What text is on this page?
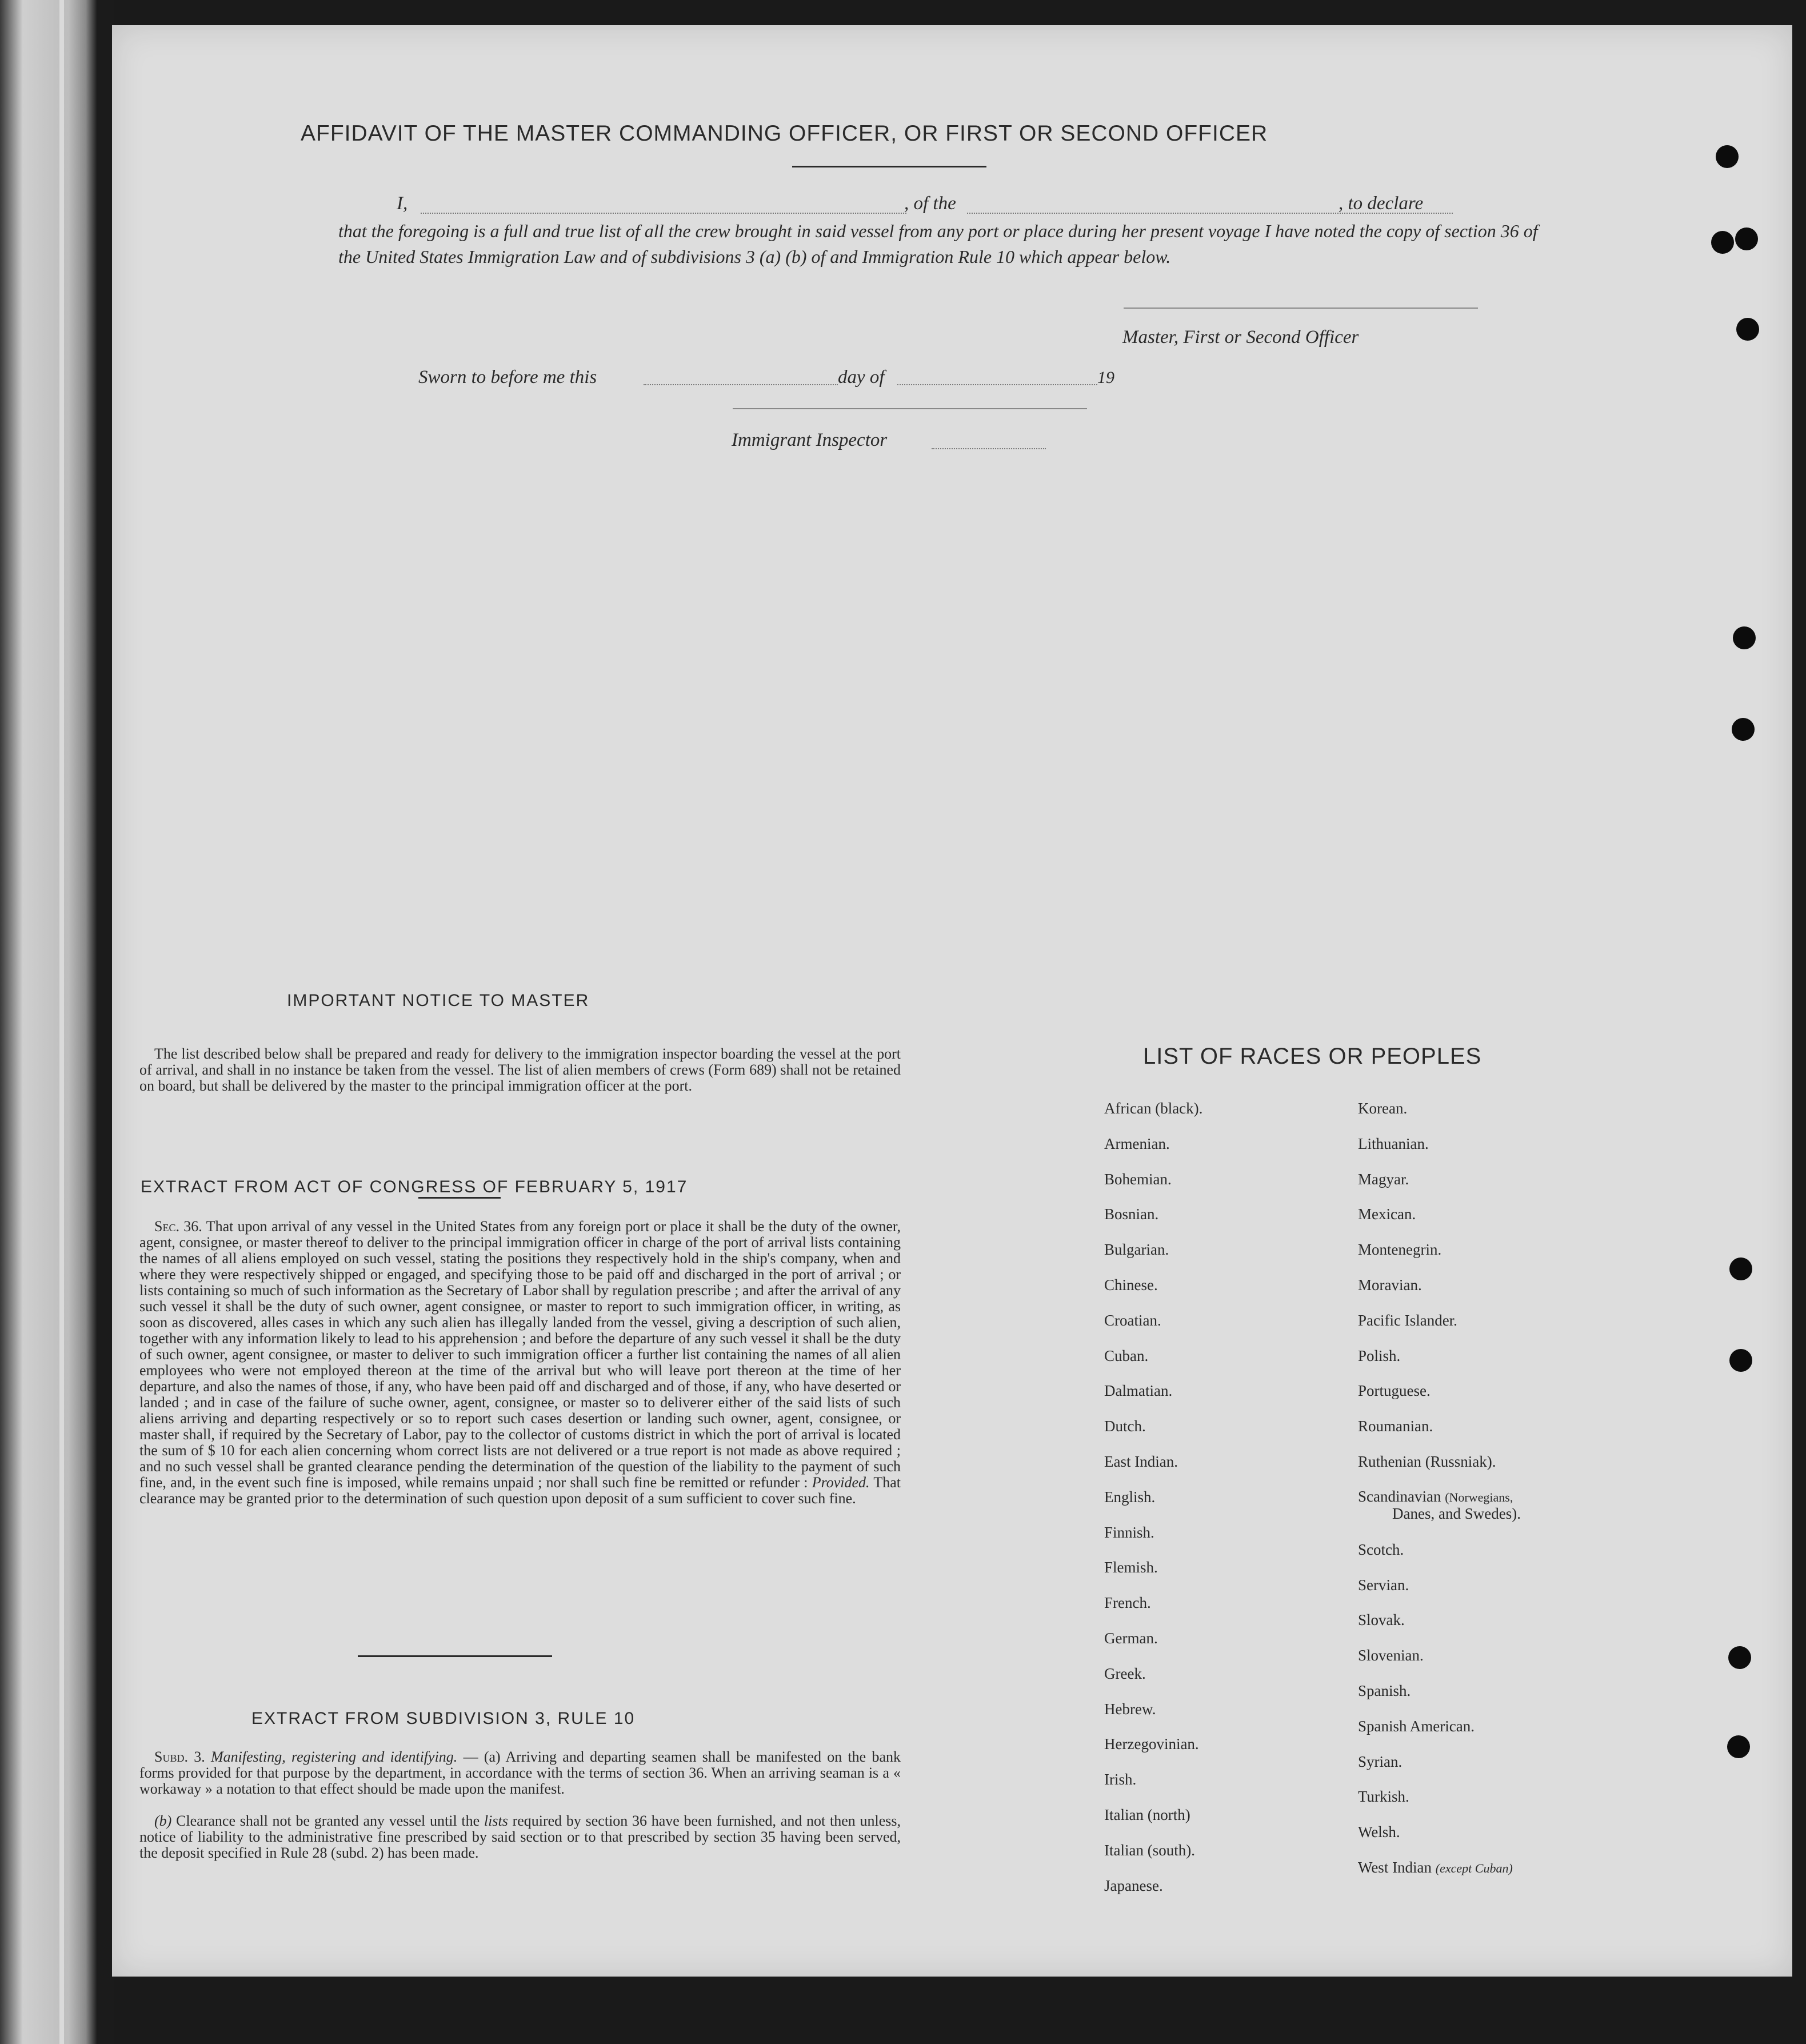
AFFIDAVIT OF THE MASTER COMMANDING OFFICER, OR FIRST OR SECOND OFFICER
I,	, of the	, to declare
that the foregoing is a full and true list of all the crew brought in said vessel from any port or place during her present voyage I have noted the copy of section 36 of the United States Immigration Law and of subdivisions 3 (a) (b) of and Immigration Rule 10 which appear below.
Master, First or Second Officer
Sworn to before me this	day of	19
Immigrant Inspector
IMPORTANT NOTICE TO MASTER
The list described below shall be prepared and ready for delivery to the immigration inspector boarding the vessel at the port of arrival, and shall in no instance be taken from the vessel. The list of alien members of crews (Form 689) shall not be retained on board, but shall be delivered by the master to the principal immigration officer at the port.
EXTRACT FROM ACT OF CONGRESS OF FEBRUARY 5, 1917
Sec. 36. That upon arrival of any vessel in the United States from any foreign port or place it shall be the duty of the owner, agent, consignee, or master thereof to deliver to the principal immigration officer in charge of the port of arrival lists containing the names of all aliens employed on such vessel, stating the positions they respectively hold in the ship's company, when and where they were respectively shipped or engaged, and specifying those to be paid off and discharged in the port of arrival ; or lists containing so much of such information as the Secretary of Labor shall by regulation prescribe ; and after the arrival of any such vessel it shall be the duty of such owner, agent consignee, or master to report to such immigration officer, in writing, as soon as discovered, alles cases in which any such alien has illegally landed from the vessel, giving a description of such alien, together with any information likely to lead to his apprehension ; and before the departure of any such vessel it shall be the duty of such owner, agent consignee, or master to deliver to such immigration officer a further list containing the names of all alien employees who were not employed thereon at the time of the arrival but who will leave port thereon at the time of her departure, and also the names of those, if any, who have been paid off and discharged and of those, if any, who have deserted or landed ; and in case of the failure of suche owner, agent, consignee, or master so to deliverer either of the said lists of such aliens arriving and departing respectively or so to report such cases desertion or landing such owner, agent, consignee, or master shall, if required by the Secretary of Labor, pay to the collector of customs district in which the port of arrival is located the sum of $ 10 for each alien concerning whom correct lists are not delivered or a true report is not made as above required ; and no such vessel shall be granted clearance pending the determination of the question of the liability to the payment of such fine, and, in the event such fine is imposed, while remains unpaid ; nor shall such fine be remitted or refunder : Provided. That clearance may be granted prior to the determination of such question upon deposit of a sum sufficient to cover such fine.
EXTRACT FROM SUBDIVISION 3, RULE 10
Subd. 3. Manifesting, registering and identifying. — (a) Arriving and departing seamen shall be manifested on the bank forms provided for that purpose by the department, in accordance with the terms of section 36. When an arriving seaman is a « workaway » a notation to that effect should be made upon the manifest.
(b) Clearance shall not be granted any vessel until the lists required by section 36 have been furnished, and not then unless, notice of liability to the administrative fine prescribed by said section or to that prescribed by section 35 having been served, the deposit specified in Rule 28 (subd. 2) has been made.
LIST OF RACES OR PEOPLES
African (black).
Armenian.
Bohemian.
Bosnian.
Bulgarian.
Chinese.
Croatian.
Cuban.
Dalmatian.
Dutch.
East Indian.
English.
Finnish.
Flemish.
French.
German.
Greek.
Hebrew.
Herzegovinian.
Irish.
Italian (north)
Italian (south).
Japanese.
Korean.
Lithuanian.
Magyar.
Mexican.
Montenegrin.
Moravian.
Pacific Islander.
Polish.
Portuguese.
Roumanian.
Ruthenian (Russniak).
Scandinavian (Norwegians,
Danes, and Swedes).
Scotch.
Servian.
Slovak.
Slovenian.
Spanish.
Spanish American.
Syrian.
Turkish.
Welsh.
West Indian (except Cuban)
